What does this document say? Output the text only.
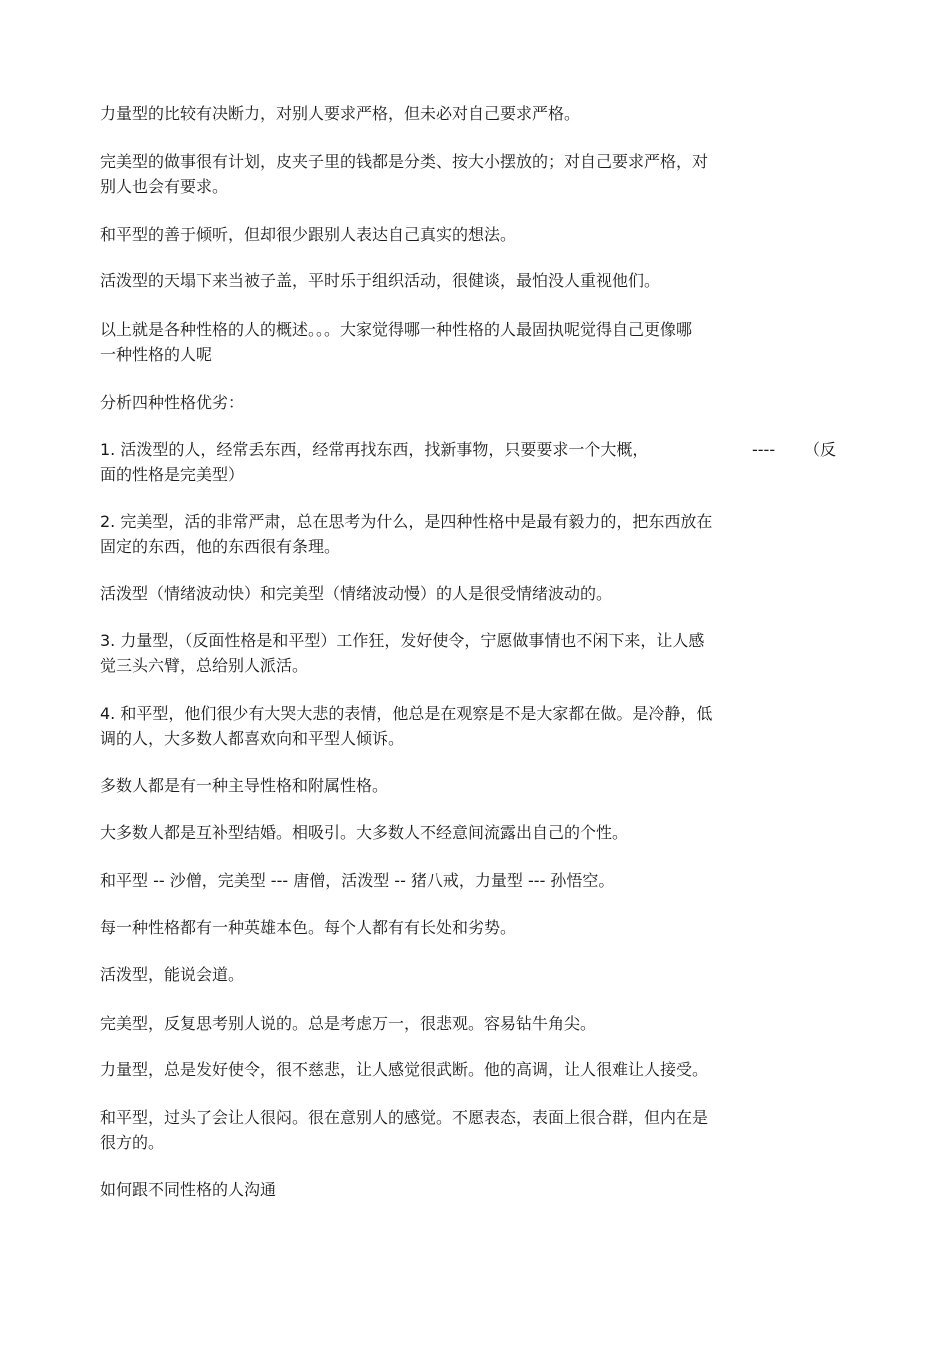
力量型的比较有决断力，对别人要求严格，但未必对自己要求严格。
完美型的做事很有计划，皮夹子里的钱都是分类、按大小摆放的；对自己要求严格，对
别人也会有要求。
和平型的善于倾听，但却很少跟别人表达自己真实的想法。
活泼型的天塌下来当被子盖，平时乐于组织活动，很健谈，最怕没人重视他们。
以上就是各种性格的人的概述。。。大家觉得哪一种性格的人最固执呢觉得自己更像哪
一种性格的人呢
分析四种性格优劣：
1. 活泼型的人，经常丢东西，经常再找东西，找新事物，只要要求一个大概，
面的性格是完美型）
---- （反
2. 完美型，活的非常严肃，总在思考为什么，是四种性格中是最有毅力的，把东西放在
固定的东西，他的东西很有条理。
活泼型（情绪波动快）和完美型（情绪波动慢）的人是很受情绪波动的。
3. 力量型，（反面性格是和平型）工作狂，发好使令，宁愿做事情也不闲下来，让人感
觉三头六臂，总给别人派活。
4. 和平型，他们很少有大哭大悲的表情，他总是在观察是不是大家都在做。是冷静，低
调的人，大多数人都喜欢向和平型人倾诉。
多数人都是有一种主导性格和附属性格。
大多数人都是互补型结婚。相吸引。大多数人不经意间流露出自己的个性。
和平型 -- 沙僧，完美型 --- 唐僧，活泼型 -- 猪八戒，力量型 --- 孙悟空。
每一种性格都有一种英雄本色。每个人都有有长处和劣势。
活泼型，能说会道。
完美型，反复思考别人说的。总是考虑万一，很悲观。容易钻牛角尖。
力量型，总是发好使令，很不慈悲，让人感觉很武断。他的高调，让人很难让人接受。
和平型，过头了会让人很闷。很在意别人的感觉。不愿表态，表面上很合群，但内在是
很方的。
如何跟不同性格的人沟通
